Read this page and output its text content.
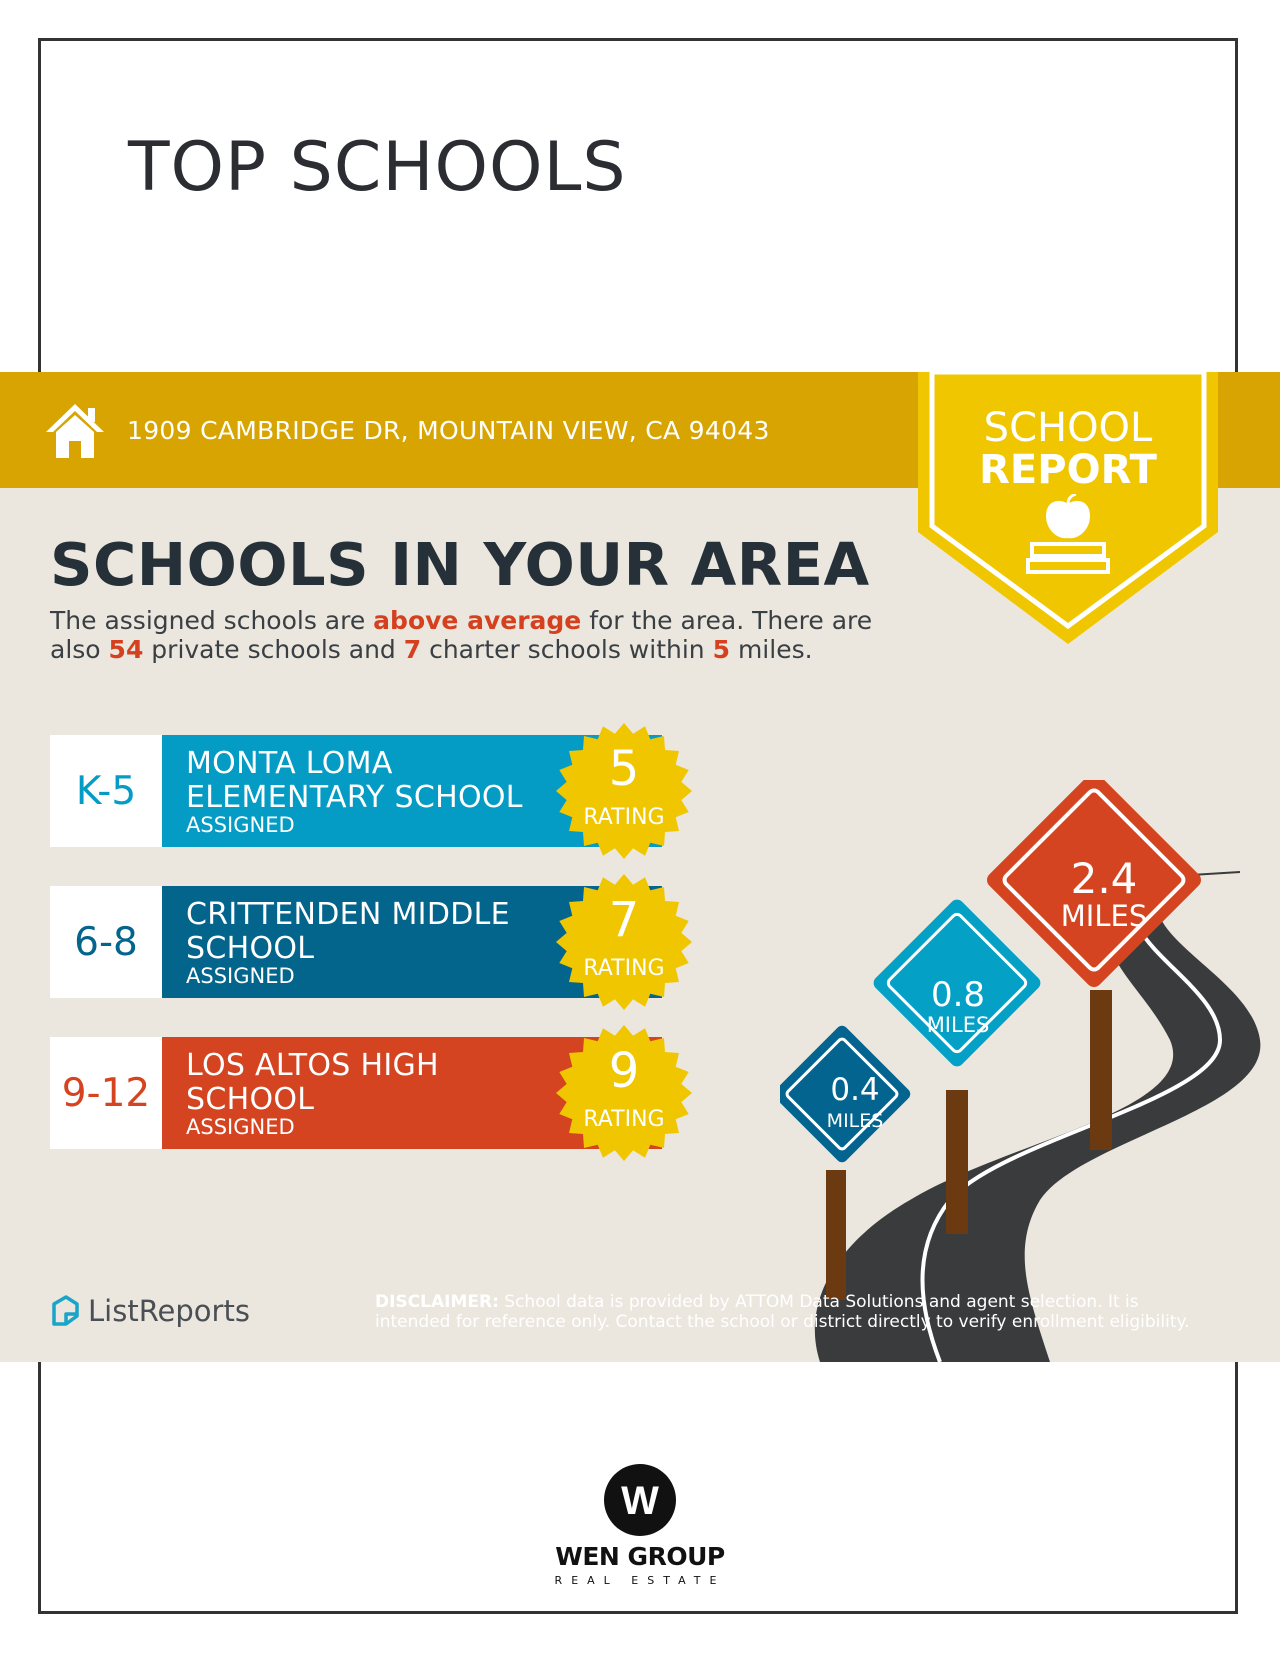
TOP SCHOOLS
1909 CAMBRIDGE DR, MOUNTAIN VIEW, CA 94043	SCHOOL
REPORT
SCHOOLS IN YOUR AREA

The assigned schools are above average for the area. There are also 54 private schools and 7 charter schools within 5 miles.

K-5
MONTA LOMA ELEMENTARY SCHOOL
ASSIGNED
5
RATING
6-8
CRITTENDEN MIDDLE SCHOOL
ASSIGNED
7
RATING
9-12
LOS ALTOS HIGH SCHOOL
ASSIGNED
9
RATING
0.4
MILES
0.8
MILES
2.4
MILES
ListReports	DISCLAIMER: School data is provided by ATTOM Data Solutions and agent selection. It is intended for reference only. Contact the school or district directly to verify enrollment eligibility.

W
WEN GROUP
REAL ESTATE
